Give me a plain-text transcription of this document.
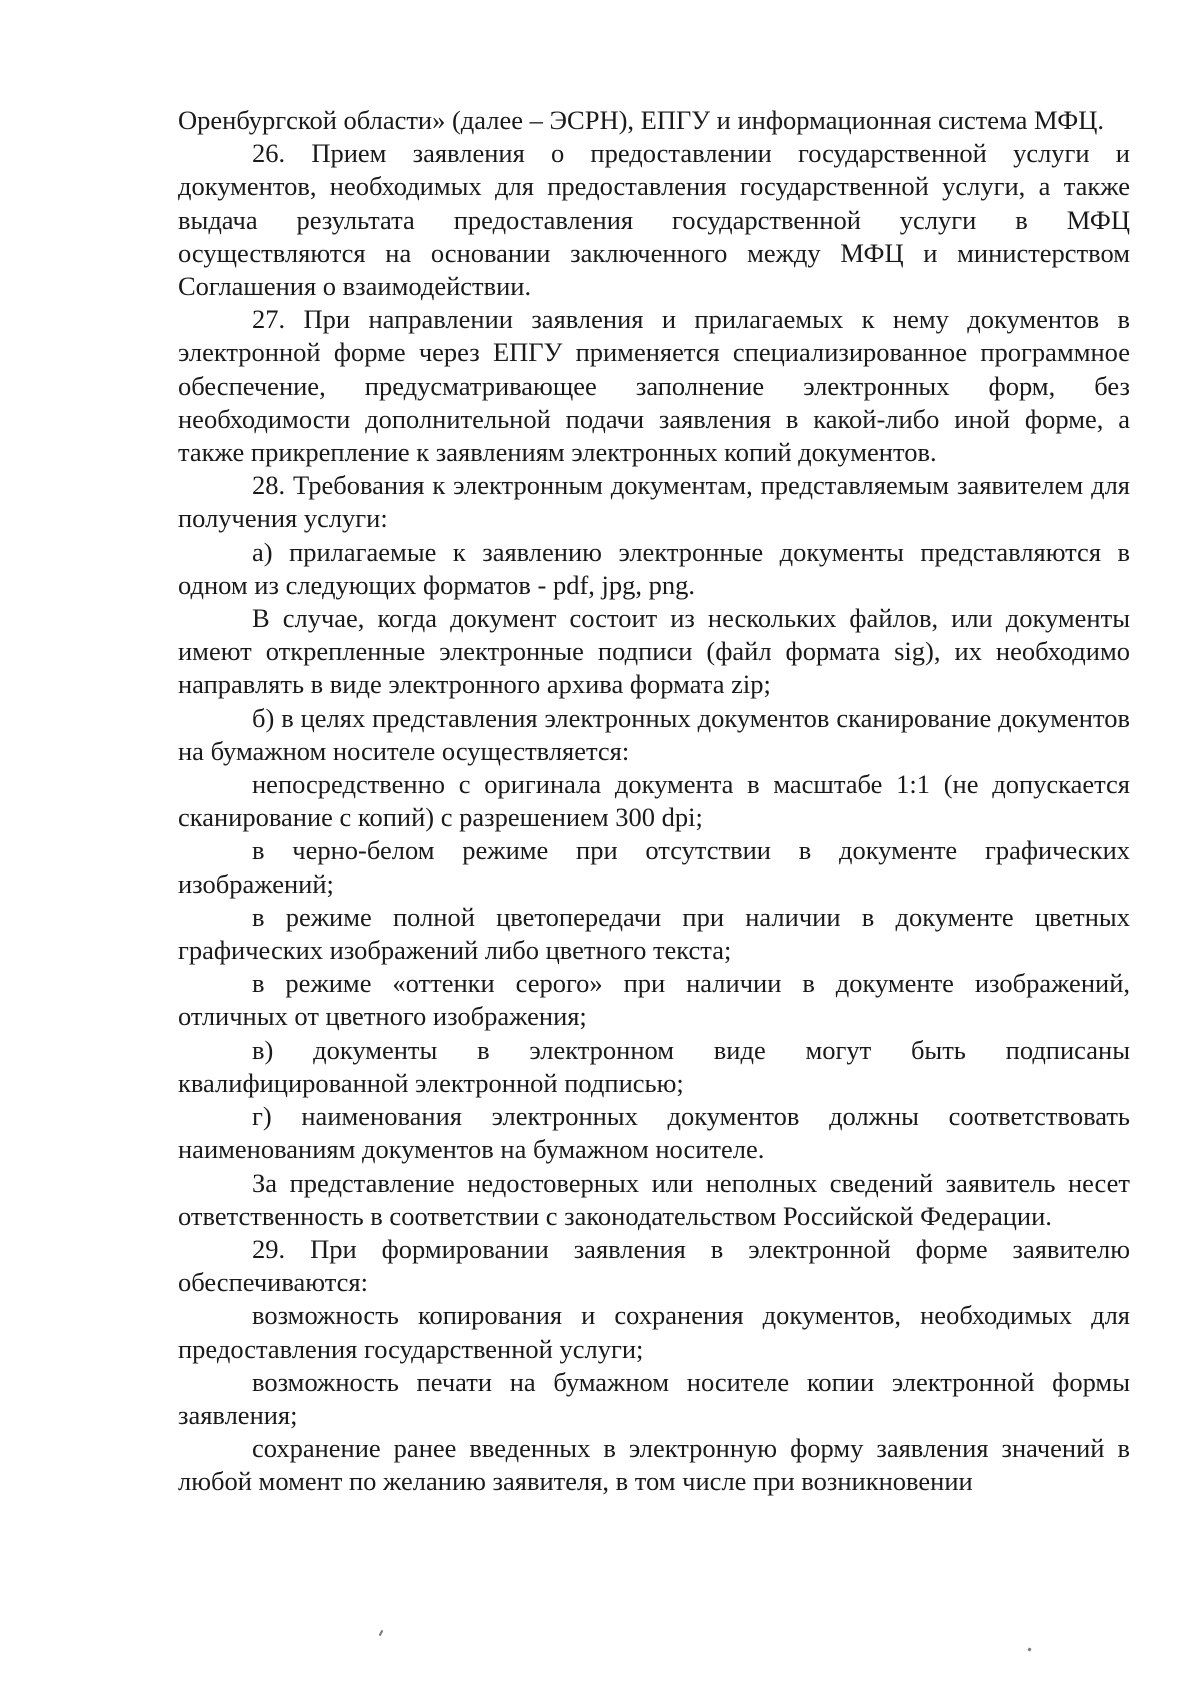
Оренбургской области» (далее – ЭСРН), ЕПГУ и информационная система МФЦ.

26. Прием заявления о предоставлении государственной услуги и документов, необходимых для предоставления государственной услуги, а также выдача результата предоставления государственной услуги в МФЦ осуществляются на основании заключенного между МФЦ и министерством Соглашения о взаимодействии.

27. При направлении заявления и прилагаемых к нему документов в электронной форме через ЕПГУ применяется специализированное программное обеспечение, предусматривающее заполнение электронных форм, без необходимости дополнительной подачи заявления в какой-либо иной форме, а также прикрепление к заявлениям электронных копий документов.

28. Требования к электронным документам, представляемым заявителем для получения услуги:

а) прилагаемые к заявлению электронные документы представляются в одном из следующих форматов - pdf, jpg, png.

В случае, когда документ состоит из нескольких файлов, или документы имеют открепленные электронные подписи (файл формата sig), их необходимо направлять в виде электронного архива формата zip;

б) в целях представления электронных документов сканирование документов на бумажном носителе осуществляется:

непосредственно с оригинала документа в масштабе 1:1 (не допускается сканирование с копий) с разрешением 300 dpi;

в черно-белом режиме при отсутствии в документе графических изображений;

в режиме полной цветопередачи при наличии в документе цветных графических изображений либо цветного текста;

в режиме «оттенки серого» при наличии в документе изображений, отличных от цветного изображения;

в) документы в электронном виде могут быть подписаны квалифицированной электронной подписью;

г) наименования электронных документов должны соответствовать наименованиям документов на бумажном носителе.

За представление недостоверных или неполных сведений заявитель несет ответственность в соответствии с законодательством Российской Федерации.

29. При формировании заявления в электронной форме заявителю обеспечиваются:

возможность копирования и сохранения документов, необходимых для предоставления государственной услуги;

возможность печати на бумажном носителе копии электронной формы заявления;

сохранение ранее введенных в электронную форму заявления значений в любой момент по желанию заявителя, в том числе при возникновении
